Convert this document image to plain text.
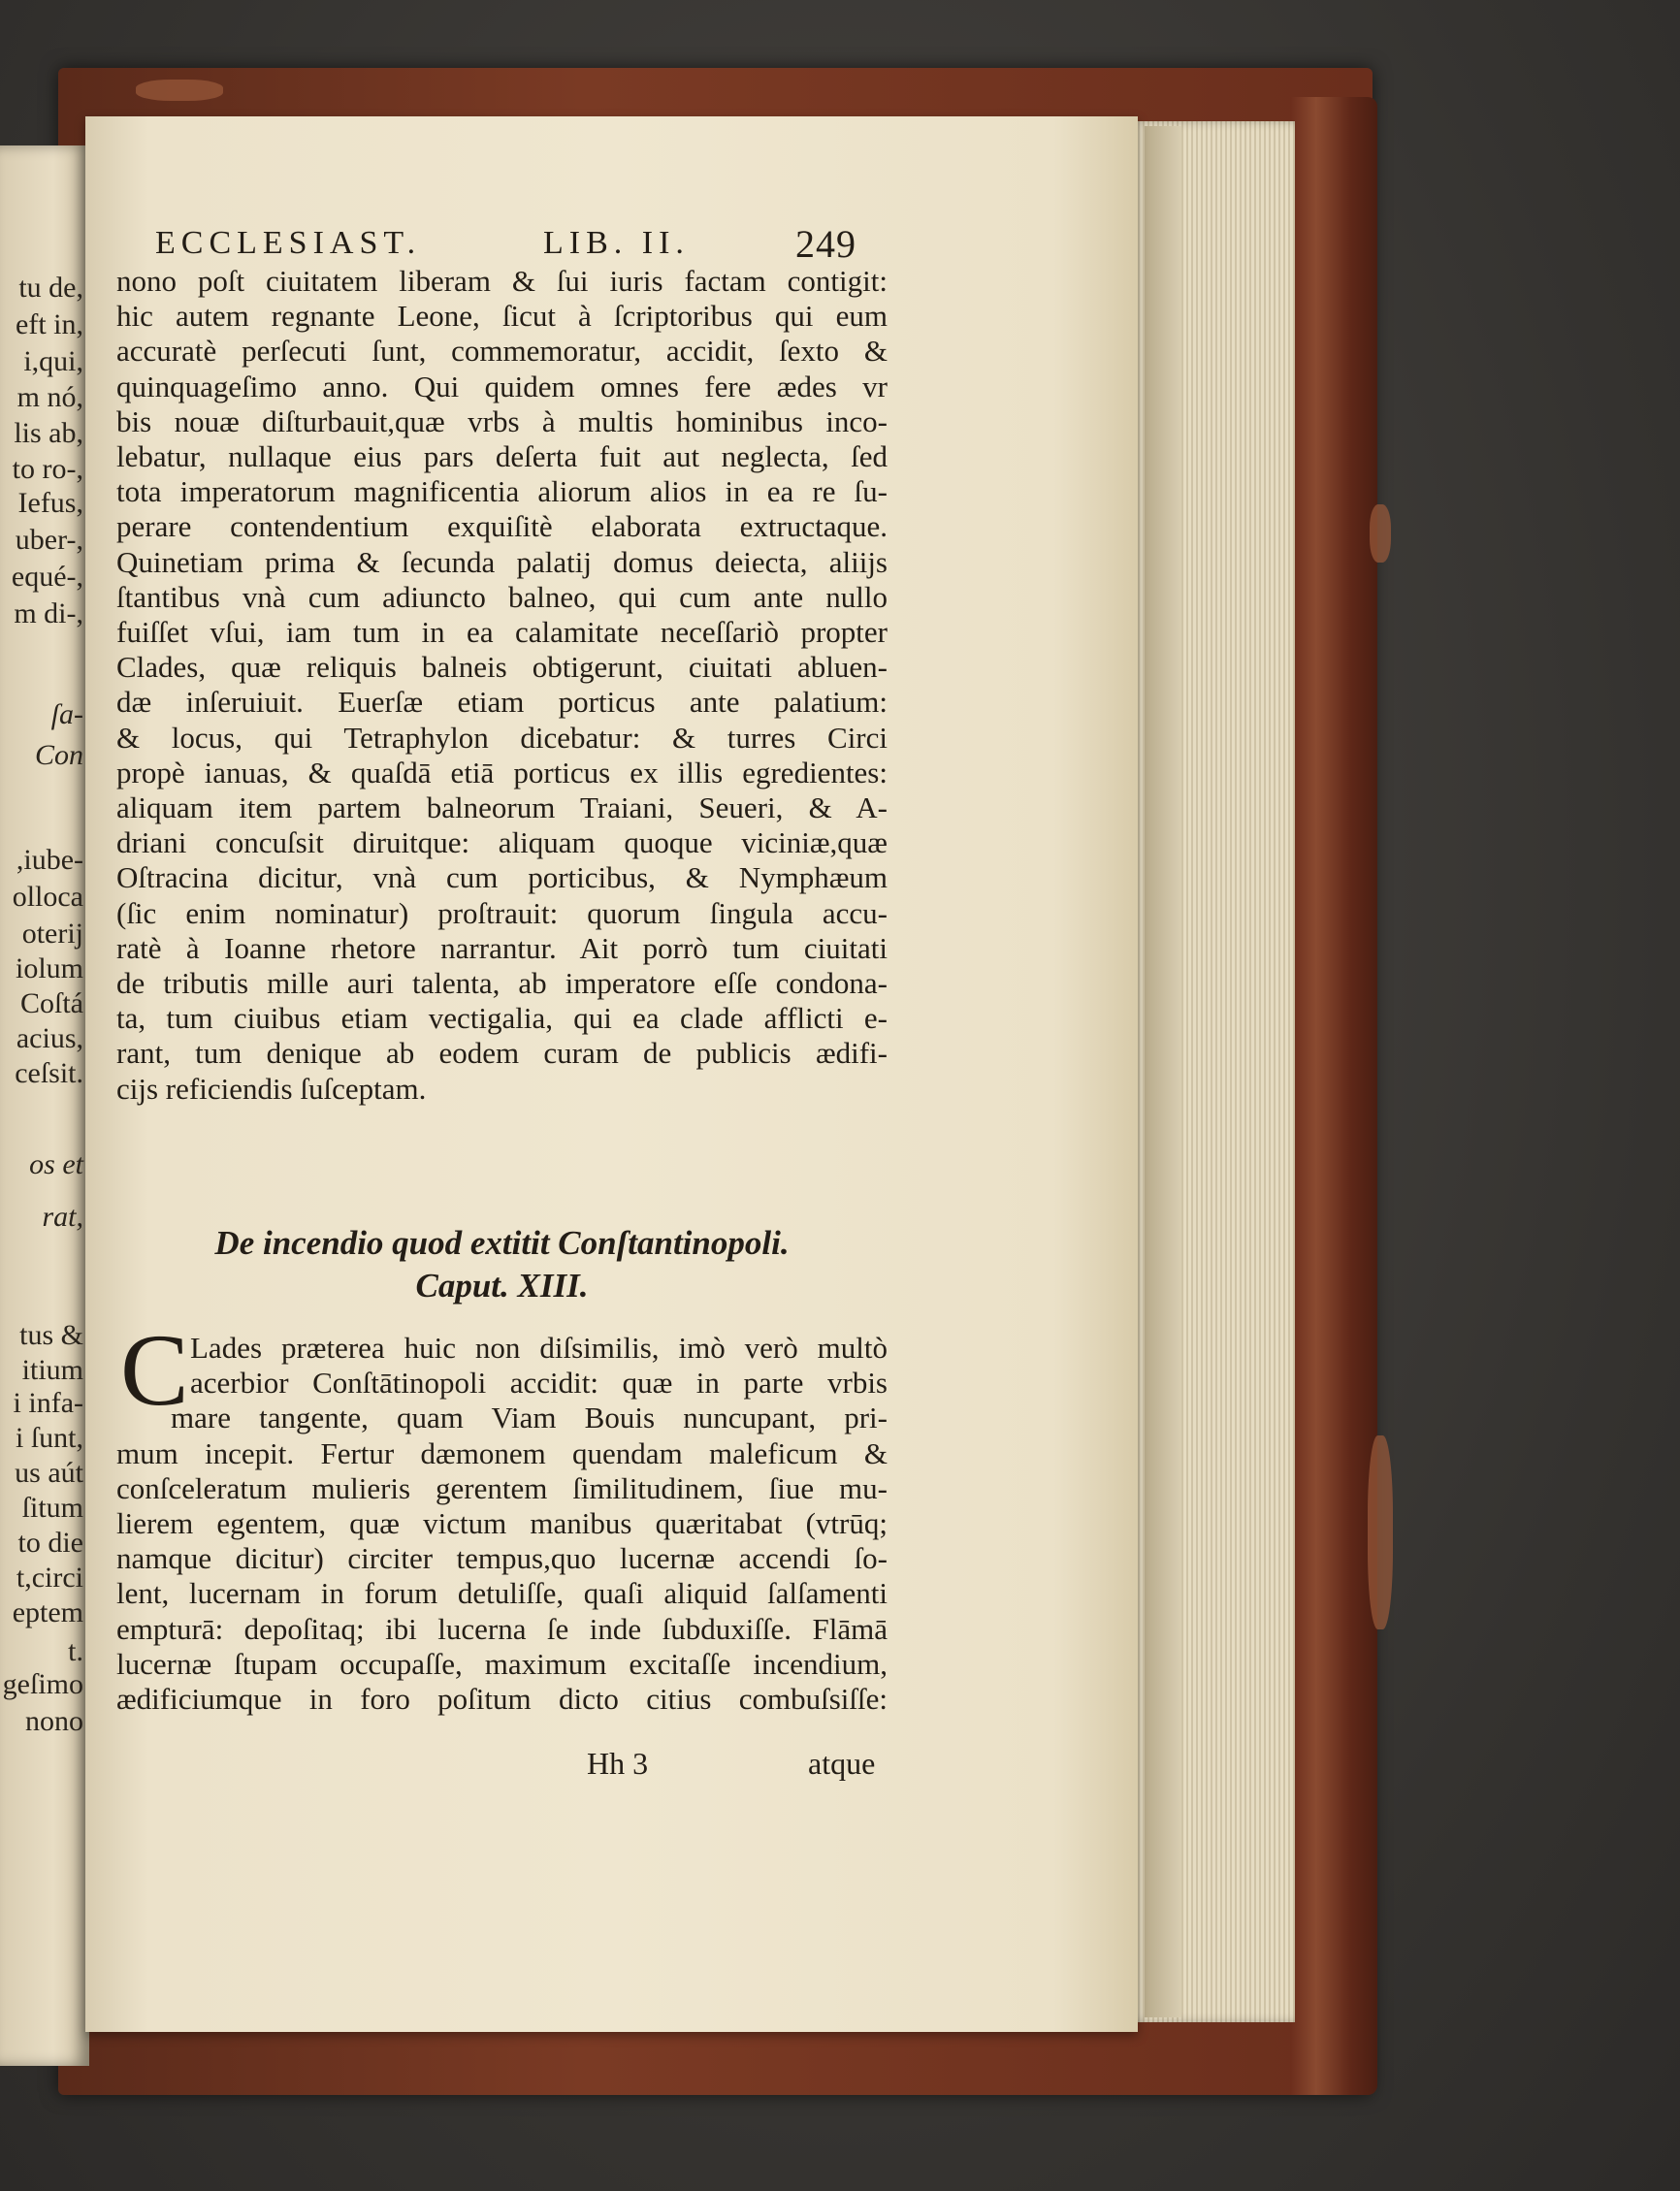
tu de,
eft in,
i,qui,
m nó,
lis ab,
to ro-,
Iefus,
uber-,
equé-,
m di-,
ſa-
Con
,iube-
olloca
oterij
iolum
Coſtá
acius,
ceſsit.
os et
rat,
tus &
itium
i infa-
i ſunt,
us aút
ſitum
to die
t,circi
eptem
t.
geſimo
nono
ECCLESIAST.	LIB. II.	249
nono poſt ciuitatem liberam & ſui iuris factam contigit:
hic autem regnante Leone, ſicut à ſcriptoribus qui eum
accuratè perſecuti ſunt, commemoratur, accidit, ſexto &
quinquageſimo anno. Qui quidem omnes fere ædes vr
bis nouæ diſturbauit,quæ vrbs à multis hominibus inco-
lebatur, nullaque eius pars deſerta fuit aut neglecta, ſed
tota imperatorum magnificentia aliorum alios in ea re ſu-
perare contendentium exquiſitè elaborata extructaque.
Quinetiam prima & ſecunda palatij domus deiecta, aliijs
ſtantibus vnà cum adiuncto balneo, qui cum ante nullo
fuiſſet vſui, iam tum in ea calamitate neceſſariò propter
Clades, quæ reliquis balneis obtigerunt, ciuitati abluen-
dæ inſeruiuit. Euerſæ etiam porticus ante palatium:
& locus, qui Tetraphylon dicebatur: & turres Circi
propè ianuas, & quaſdā etiā porticus ex illis egredientes:
aliquam item partem balneorum Traiani, Seueri, & A-
driani concuſsit diruitque: aliquam quoque viciniæ,quæ
Oſtracina dicitur, vnà cum porticibus, & Nymphæum
(ſic enim nominatur) proſtrauit: quorum ſingula accu-
ratè à Ioanne rhetore narrantur. Ait porrò tum ciuitati
de tributis mille auri talenta, ab imperatore eſſe condona-
ta, tum ciuibus etiam vectigalia, qui ea clade afflicti e-
rant, tum denique ab eodem curam de publicis ædifi-
cijs reficiendis ſuſceptam.
De incendio quod extitit Conſtantinopoli.
Caput. XIII.
C Lades præterea huic non diſsimilis, imò verò multò
acerbior Conſtātinopoli accidit: quæ in parte vrbis
mare tangente, quam Viam Bouis nuncupant, pri-
mum incepit. Fertur dæmonem quendam maleficum &
conſceleratum mulieris gerentem ſimilitudinem, ſiue mu-
lierem egentem, quæ victum manibus quæritabat (vtrūq;
namque dicitur) circiter tempus,quo lucernæ accendi ſo-
lent, lucernam in forum detuliſſe, quaſi aliquid ſalſamenti
empturā: depoſitaq; ibi lucerna ſe inde ſubduxiſſe. Flāmā
lucernæ ſtupam occupaſſe, maximum excitaſſe incendium,
ædificiumque in foro poſitum dicto citius combuſsiſſe:
Hh 3	atque
